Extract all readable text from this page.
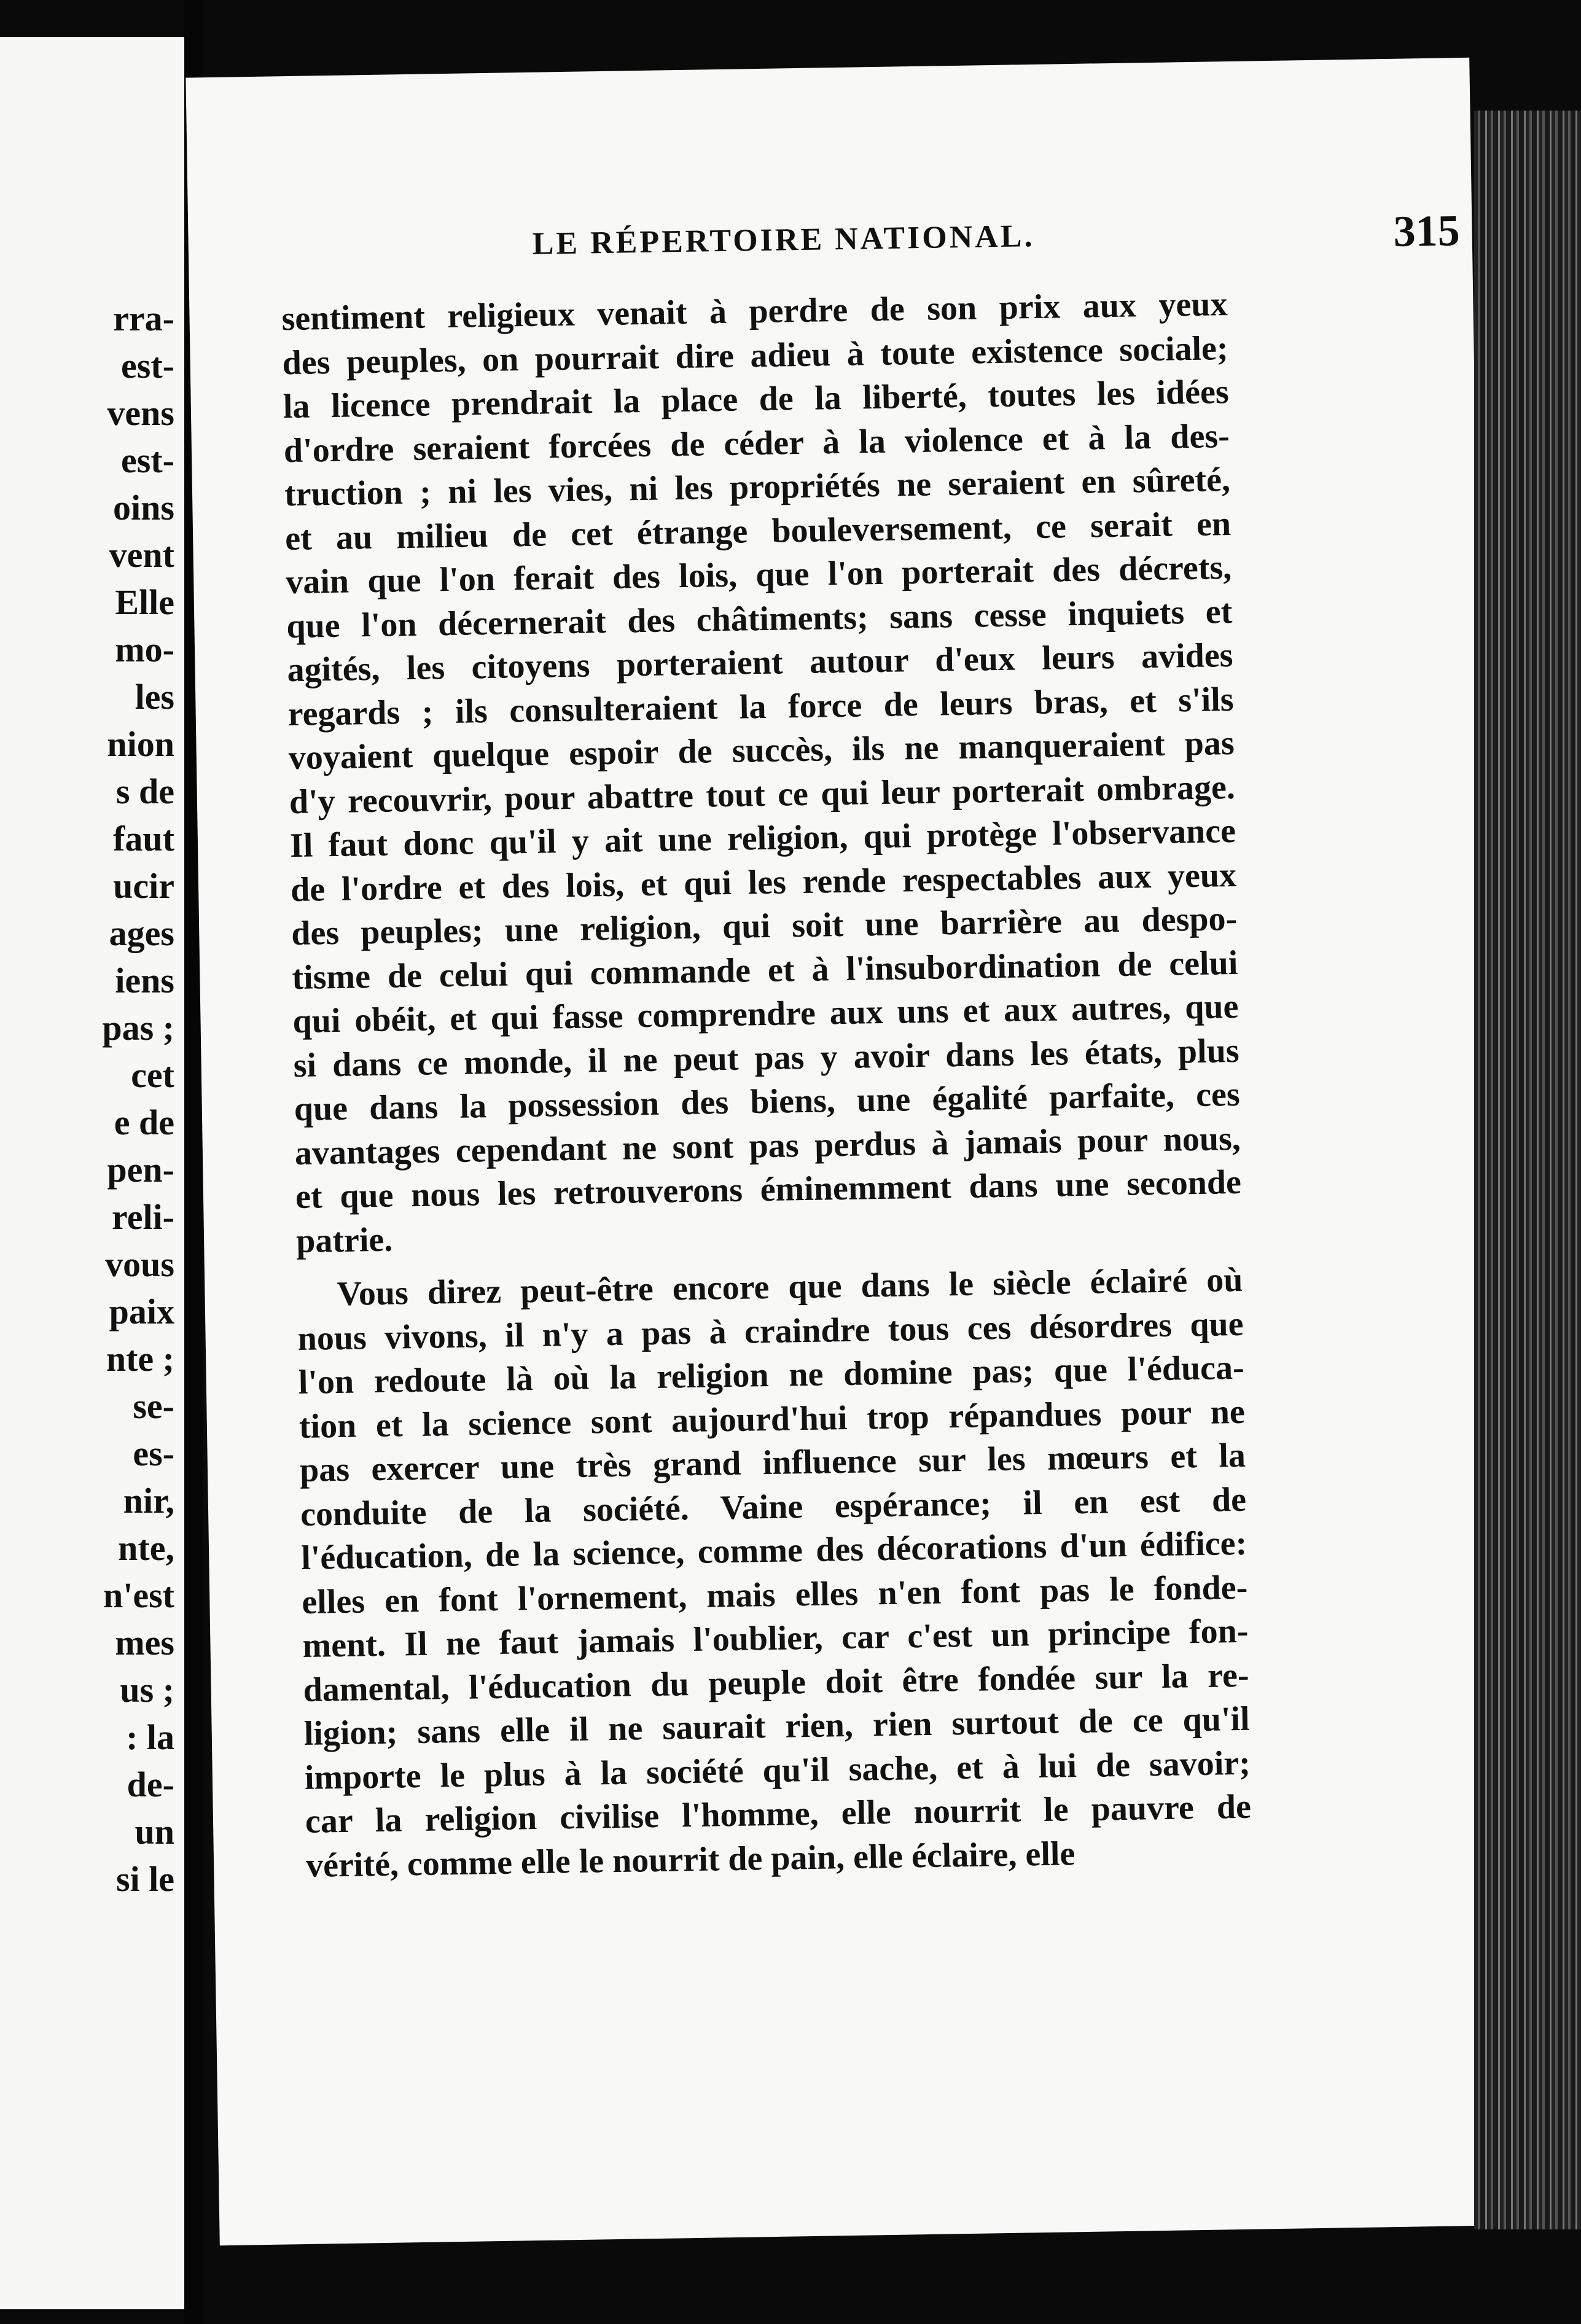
rra-
est-
vens
est-
oins
vent
Elle
mo-
les
nion
s de
faut
ucir
ages
iens
pas ;
cet
e de
pen-
reli-
vous
paix
nte ;
se-
es-
nir,
nte,
n'est
mes
us ;
: la
de-
un
si le
LE RÉPERTOIRE NATIONAL.	315
sentiment religieux venait à perdre de son prix aux yeux
des peuples, on pourrait dire adieu à toute existence sociale;
la licence prendrait la place de la liberté, toutes les idées
d'ordre seraient forcées de céder à la violence et à la des-
truction ; ni les vies, ni les propriétés ne seraient en sûreté,
et au milieu de cet étrange bouleversement, ce serait en
vain que l'on ferait des lois, que l'on porterait des décrets,
que l'on décernerait des châtiments; sans cesse inquiets et
agités, les citoyens porteraient autour d'eux leurs avides
regards ; ils consulteraient la force de leurs bras, et s'ils
voyaient quelque espoir de succès, ils ne manqueraient pas
d'y recouvrir, pour abattre tout ce qui leur porterait ombrage.
Il faut donc qu'il y ait une religion, qui protège l'observance
de l'ordre et des lois, et qui les rende respectables aux yeux
des peuples; une religion, qui soit une barrière au despo-
tisme de celui qui commande et à l'insubordination de celui
qui obéit, et qui fasse comprendre aux uns et aux autres, que
si dans ce monde, il ne peut pas y avoir dans les états, plus
que dans la possession des biens, une égalité parfaite, ces
avantages cependant ne sont pas perdus à jamais pour nous,
et que nous les retrouverons éminemment dans une seconde
patrie.
Vous direz peut-être encore que dans le siècle éclairé où
nous vivons, il n'y a pas à craindre tous ces désordres que
l'on redoute là où la religion ne domine pas; que l'éduca-
tion et la science sont aujourd'hui trop répandues pour ne
pas exercer une très grand influence sur les mœurs et la
conduite de la société. Vaine espérance; il en est de
l'éducation, de la science, comme des décorations d'un édifice:
elles en font l'ornement, mais elles n'en font pas le fonde-
ment. Il ne faut jamais l'oublier, car c'est un principe fon-
damental, l'éducation du peuple doit être fondée sur la re-
ligion; sans elle il ne saurait rien, rien surtout de ce qu'il
importe le plus à la société qu'il sache, et à lui de savoir;
car la religion civilise l'homme, elle nourrit le pauvre de
vérité, comme elle le nourrit de pain, elle éclaire, elle
